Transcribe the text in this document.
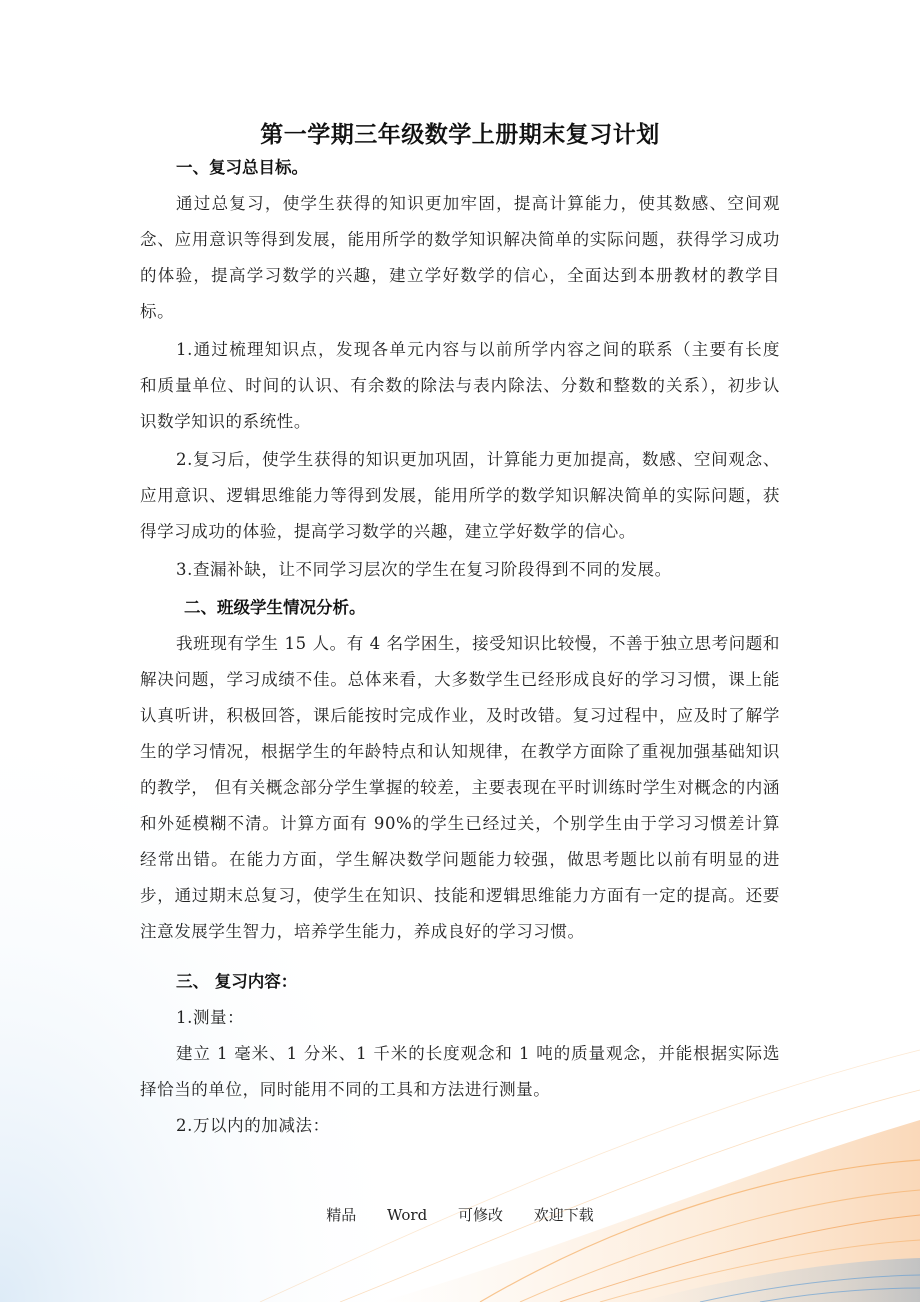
第一学期三年级数学上册期末复习计划

一、复习总目标。

通过总复习，使学生获得的知识更加牢固，提高计算能力，使其数感、空间观念、应用意识等得到发展，能用所学的数学知识解决简单的实际问题，获得学习成功的体验，提高学习数学的兴趣，建立学好数学的信心，全面达到本册教材的教学目标。

1.通过梳理知识点，发现各单元内容与以前所学内容之间的联系（主要有长度 和质量单位、时间的认识、有余数的除法与表内除法、分数和整数的关系），初步认识数学知识的系统性。

2.复习后，使学生获得的知识更加巩固，计算能力更加提高，数感、空间观念、应用意识、逻辑思维能力等得到发展，能用所学的数学知识解决简单的实际问题，获得学习成功的体验，提高学习数学的兴趣，建立学好数学的信心。

3.查漏补缺，让不同学习层次的学生在复习阶段得到不同的发展。

二、班级学生情况分析。

我班现有学生 15 人。有 4 名学困生，接受知识比较慢，不善于独立思考问题和解决问题，学习成绩不佳。总体来看，大多数学生已经形成良好的学习习惯，课上能认真听讲，积极回答，课后能按时完成作业，及时改错。复习过程中，应及时了解学生的学习情况，根据学生的年龄特点和认知规律，在教学方面除了重视加强基础知识的教学， 但有关概念部分学生掌握的较差，主要表现在平时训练时学生对概念的内涵和外延模糊不清。计算方面有 90%的学生已经过关，个别学生由于学习习惯差计算经常出错。在能力方面，学生解决数学问题能力较强，做思考题比以前有明显的进步，通过期末总复习，使学生在知识、技能和逻辑思维能力方面有一定的提高。还要注意发展学生智力，培养学生能力，养成良好的学习习惯。

三、 复习内容：

1.测量：

建立 1 毫米、1 分米、1 千米的长度观念和 1 吨的质量观念，并能根据实际选择恰当的单位，同时能用不同的工具和方法进行测量。

2.万以内的加减法：

精品 Word 可修改 欢迎下载
